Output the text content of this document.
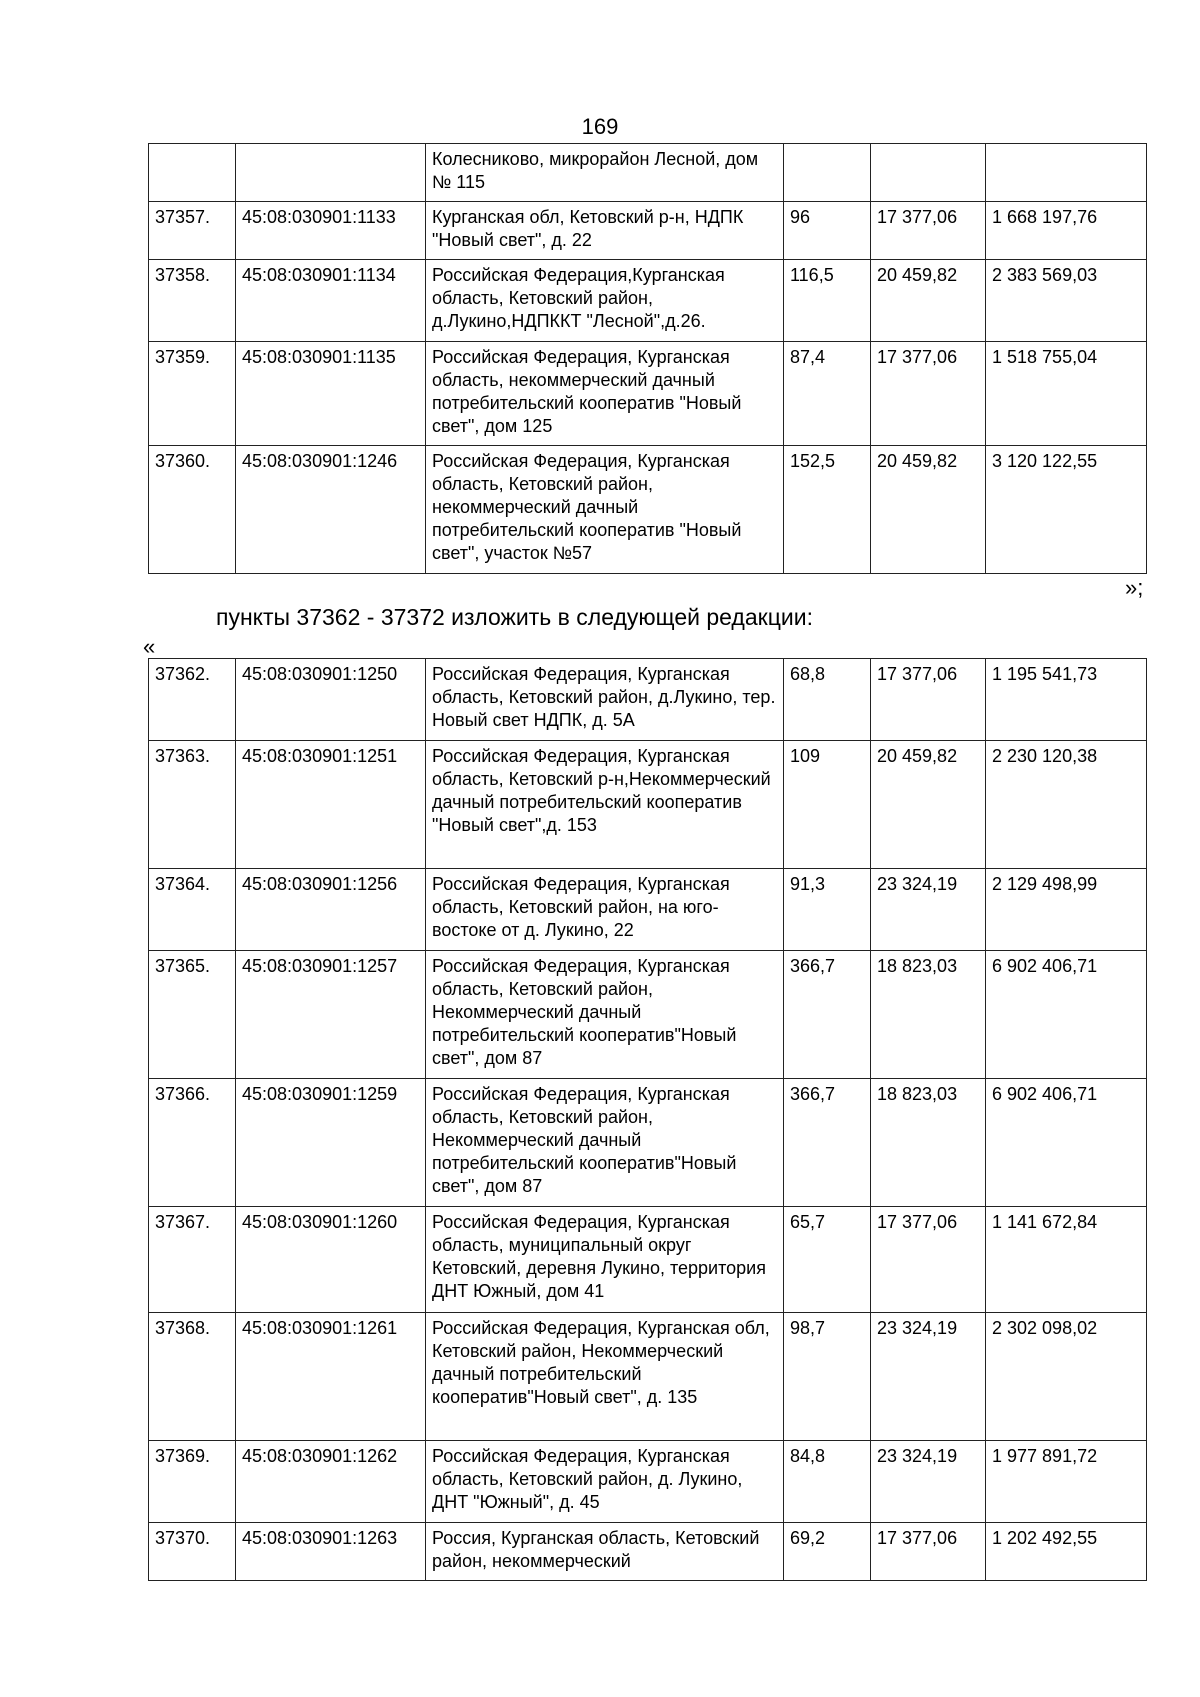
169
		Колесниково, микрорайон Лесной, дом № 115			
37357.	45:08:030901:1133	Курганская обл, Кетовский р-н, НДПК "Новый свет", д. 22	96	17 377,06	1 668 197,76
37358.	45:08:030901:1134	Российская Федерация,Курганская область, Кетовский район, д.Лукино,НДПККТ "Лесной",д.26.	116,5	20 459,82	2 383 569,03
37359.	45:08:030901:1135	Российская Федерация, Курганская область, некоммерческий дачный потребительский кооператив "Новый свет", дом 125	87,4	17 377,06	1 518 755,04
37360.	45:08:030901:1246	Российская Федерация, Курганская область, Кетовский район, некоммерческий дачный потребительский кооператив "Новый свет", участок №57	152,5	20 459,82	3 120 122,55
»;
пункты 37362 - 37372 изложить в следующей редакции:
«
37362.	45:08:030901:1250	Российская Федерация, Курганская область, Кетовский район, д.Лукино, тер. Новый свет НДПК, д. 5А	68,8	17 377,06	1 195 541,73
37363.	45:08:030901:1251	Российская Федерация, Курганская область, Кетовский р-н,Некоммерческий дачный потребительский кооператив "Новый свет",д. 153	109	20 459,82	2 230 120,38
37364.	45:08:030901:1256	Российская Федерация, Курганская область, Кетовский район, на юго-востоке от д. Лукино, 22	91,3	23 324,19	2 129 498,99
37365.	45:08:030901:1257	Российская Федерация, Курганская область, Кетовский район, Некоммерческий дачный потребительский кооператив"Новый свет", дом 87	366,7	18 823,03	6 902 406,71
37366.	45:08:030901:1259	Российская Федерация, Курганская область, Кетовский район, Некоммерческий дачный потребительский кооператив"Новый свет", дом 87	366,7	18 823,03	6 902 406,71
37367.	45:08:030901:1260	Российская Федерация, Курганская область, муниципальный округ Кетовский, деревня Лукино, территория ДНТ Южный, дом 41	65,7	17 377,06	1 141 672,84
37368.	45:08:030901:1261	Российская Федерация, Курганская обл, Кетовский район, Некоммерческий дачный потребительский кооператив"Новый свет", д. 135	98,7	23 324,19	2 302 098,02
37369.	45:08:030901:1262	Российская Федерация, Курганская область, Кетовский район, д. Лукино, ДНТ "Южный", д. 45	84,8	23 324,19	1 977 891,72
37370.	45:08:030901:1263	Россия, Курганская область, Кетовский район, некоммерческий	69,2	17 377,06	1 202 492,55
